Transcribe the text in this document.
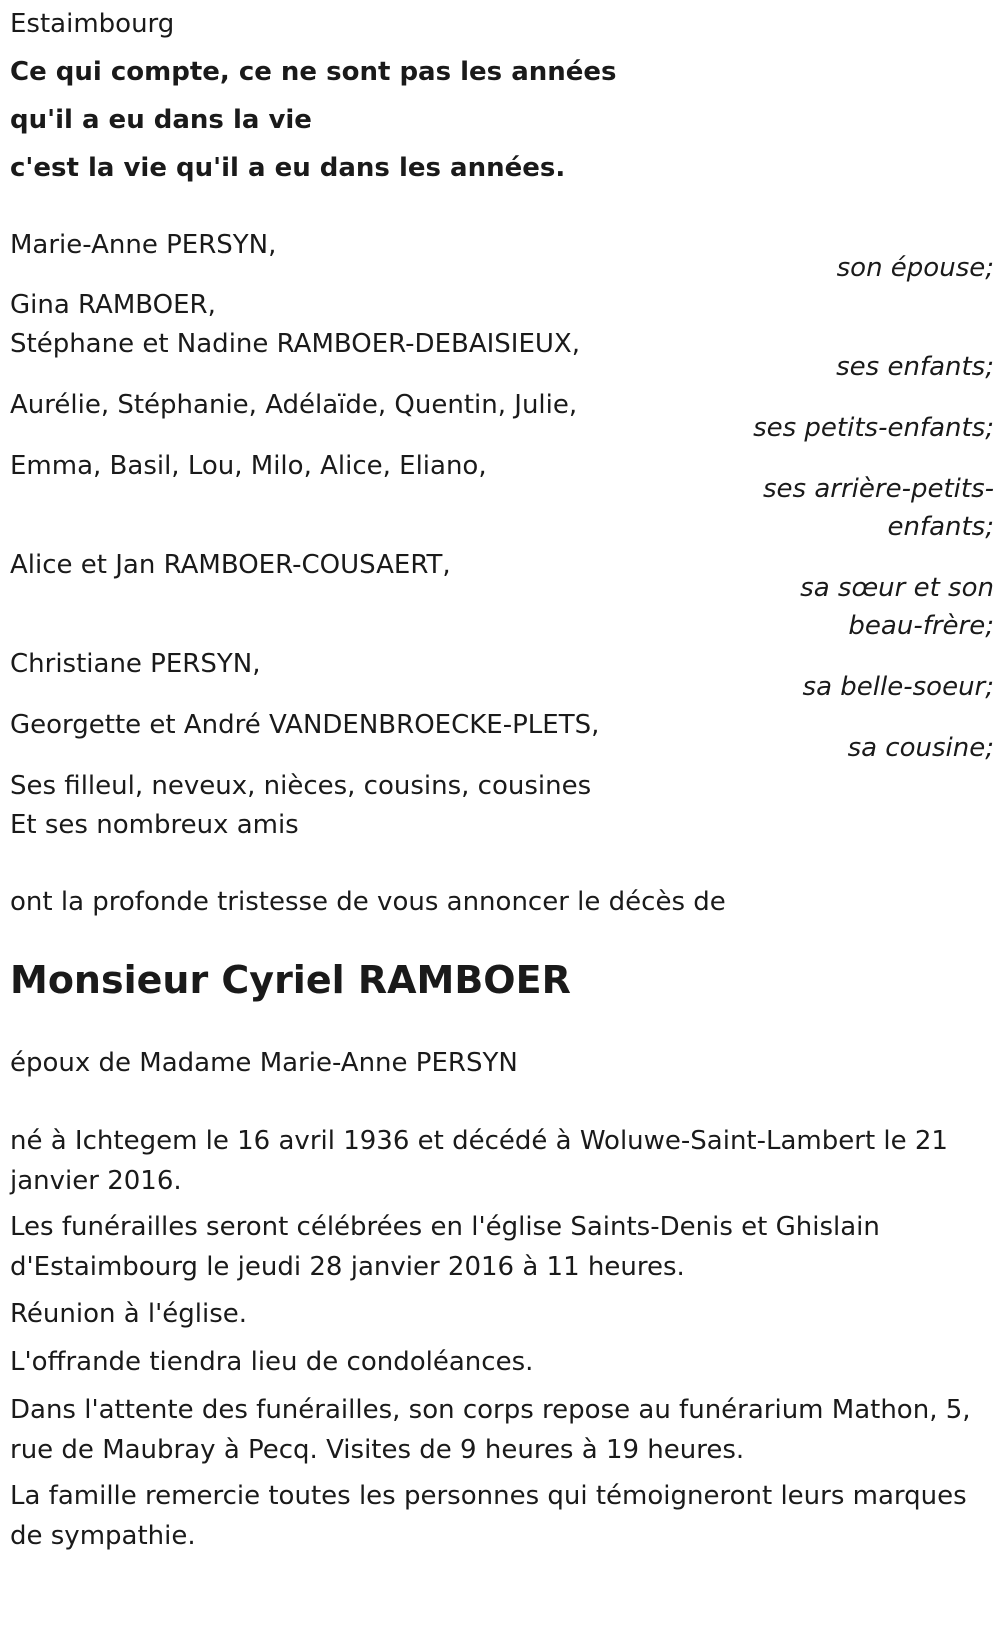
Estaimbourg
Ce qui compte, ce ne sont pas les années
qu'il a eu dans la vie
c'est la vie qu'il a eu dans les années.
Marie-Anne PERSYN,
son épouse;
Gina RAMBOER,
Stéphane et Nadine RAMBOER-DEBAISIEUX,
ses enfants;
Aurélie, Stéphanie, Adélaïde, Quentin, Julie,
ses petits-enfants;
Emma, Basil, Lou, Milo, Alice, Eliano,
ses arrière-petits-
enfants;
Alice et Jan RAMBOER-COUSAERT,
sa sœur et son
beau-frère;
Christiane PERSYN,
sa belle-soeur;
Georgette et André VANDENBROECKE-PLETS,
sa cousine;
Ses filleul, neveux, nièces, cousins, cousines
Et ses nombreux amis
ont la profonde tristesse de vous annoncer le décès de
Monsieur Cyriel RAMBOER
époux de Madame Marie-Anne PERSYN
né à Ichtegem le 16 avril 1936 et décédé à Woluwe-Saint-Lambert le 21 janvier 2016.
Les funérailles seront célébrées en l'église Saints-Denis et Ghislain d'Estaimbourg le jeudi 28 janvier 2016 à 11 heures.
Réunion à l'église.
L'offrande tiendra lieu de condoléances.
Dans l'attente des funérailles, son corps repose au funérarium Mathon, 5, rue de Maubray à Pecq. Visites de 9 heures à 19 heures.
La famille remercie toutes les personnes qui témoigneront leurs marques de sympathie.
